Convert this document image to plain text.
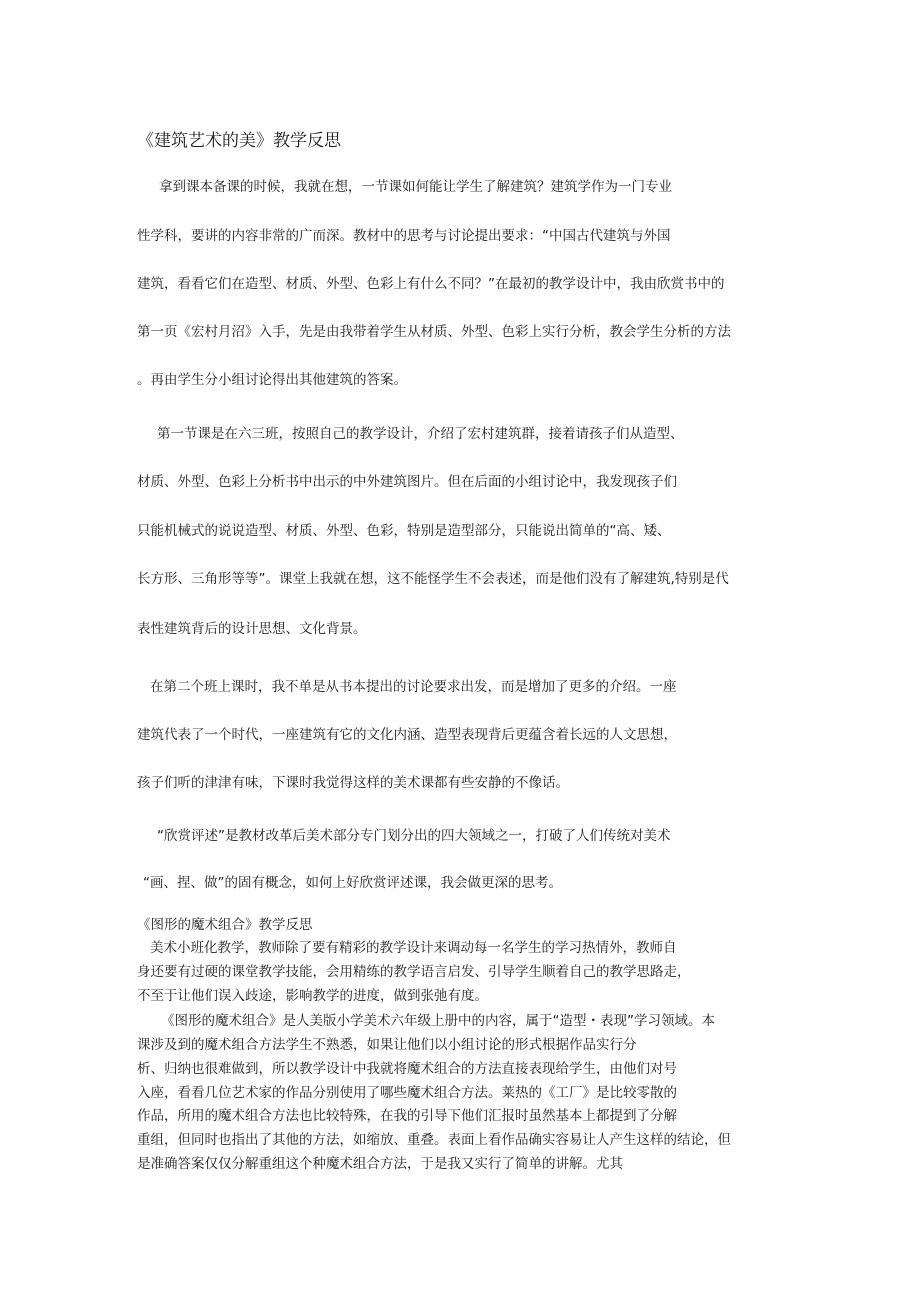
《建筑艺术的美》教学反思
拿到课本备课的时候，我就在想，一节课如何能让学生了解建筑？建筑学作为一门专业
性学科，要讲的内容非常的广而深。教材中的思考与讨论提出要求：“中国古代建筑与外国
建筑，看看它们在造型、材质、外型、色彩上有什么不同？”在最初的教学设计中，我由欣赏书中的
第一页《宏村月沼》入手，先是由我带着学生从材质、外型、色彩上实行分析，教会学生分析的方法
。再由学生分小组讨论得出其他建筑的答案。
第一节课是在六三班，按照自己的教学设计，介绍了宏村建筑群，接着请孩子们从造型、
材质、外型、色彩上分析书中出示的中外建筑图片。但在后面的小组讨论中，我发现孩子们
只能机械式的说说造型、材质、外型、色彩，特别是造型部分，只能说出简单的“高、矮、
长方形、三角形等等”。课堂上我就在想，这不能怪学生不会表述，而是他们没有了解建筑,特别是代
表性建筑背后的设计思想、文化背景。
在第二个班上课时，我不单是从书本提出的讨论要求出发，而是增加了更多的介绍。一座
建筑代表了一个时代，一座建筑有它的文化内涵、造型表现背后更蕴含着长远的人文思想，
孩子们听的津津有味，下课时我觉得这样的美术课都有些安静的不像话。
“欣赏评述”是教材改革后美术部分专门划分出的四大领域之一，打破了人们传统对美术
“画、捏、做”的固有概念，如何上好欣赏评述课，我会做更深的思考。
《图形的魔术组合》教学反思
美术小班化教学，教师除了要有精彩的教学设计来调动每一名学生的学习热情外，教师自
身还要有过硬的课堂教学技能，会用精练的教学语言启发、引导学生顺着自己的教学思路走，
不至于让他们误入歧途，影响教学的进度，做到张弛有度。
《图形的魔术组合》是人美版小学美术六年级上册中的内容，属于“造型・表现”学习领域。本
课涉及到的魔术组合方法学生不熟悉，如果让他们以小组讨论的形式根据作品实行分
析、归纳也很难做到，所以教学设计中我就将魔术组合的方法直接表现给学生，由他们对号
入座，看看几位艺术家的作品分别使用了哪些魔术组合方法。莱热的《工厂》是比较零散的
作品，所用的魔术组合方法也比较特殊，在我的引导下他们汇报时虽然基本上都提到了分解
重组，但同时也指出了其他的方法，如缩放、重叠。表面上看作品确实容易让人产生这样的结论，但
是准确答案仅仅分解重组这个种魔术组合方法，于是我又实行了简单的讲解。尤其
